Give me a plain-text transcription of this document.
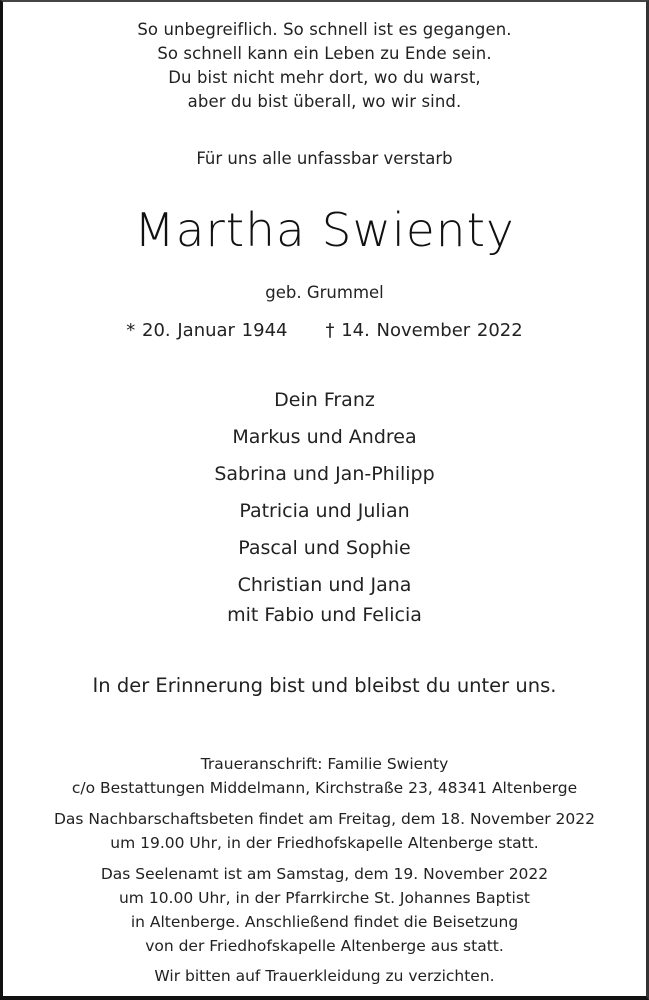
So unbegreiflich. So schnell ist es gegangen.
So schnell kann ein Leben zu Ende sein.
Du bist nicht mehr dort, wo du warst,
aber du bist überall, wo wir sind.
Für uns alle unfassbar verstarb
Martha Swienty
geb. Grummel
* 20. Januar 1944 † 14. November 2022
Dein Franz
Markus und Andrea
Sabrina und Jan-Philipp
Patricia und Julian
Pascal und Sophie
Christian und Jana
mit Fabio und Felicia
In der Erinnerung bist und bleibst du unter uns.
Traueranschrift: Familie Swienty
c/o Bestattungen Middelmann, Kirchstraße 23, 48341 Altenberge
Das Nachbarschaftsbeten findet am Freitag, dem 18. November 2022
um 19.00 Uhr, in der Friedhofskapelle Altenberge statt.
Das Seelenamt ist am Samstag, dem 19. November 2022
um 10.00 Uhr, in der Pfarrkirche St. Johannes Baptist
in Altenberge. Anschließend findet die Beisetzung
von der Friedhofskapelle Altenberge aus statt.
Wir bitten auf Trauerkleidung zu verzichten.
